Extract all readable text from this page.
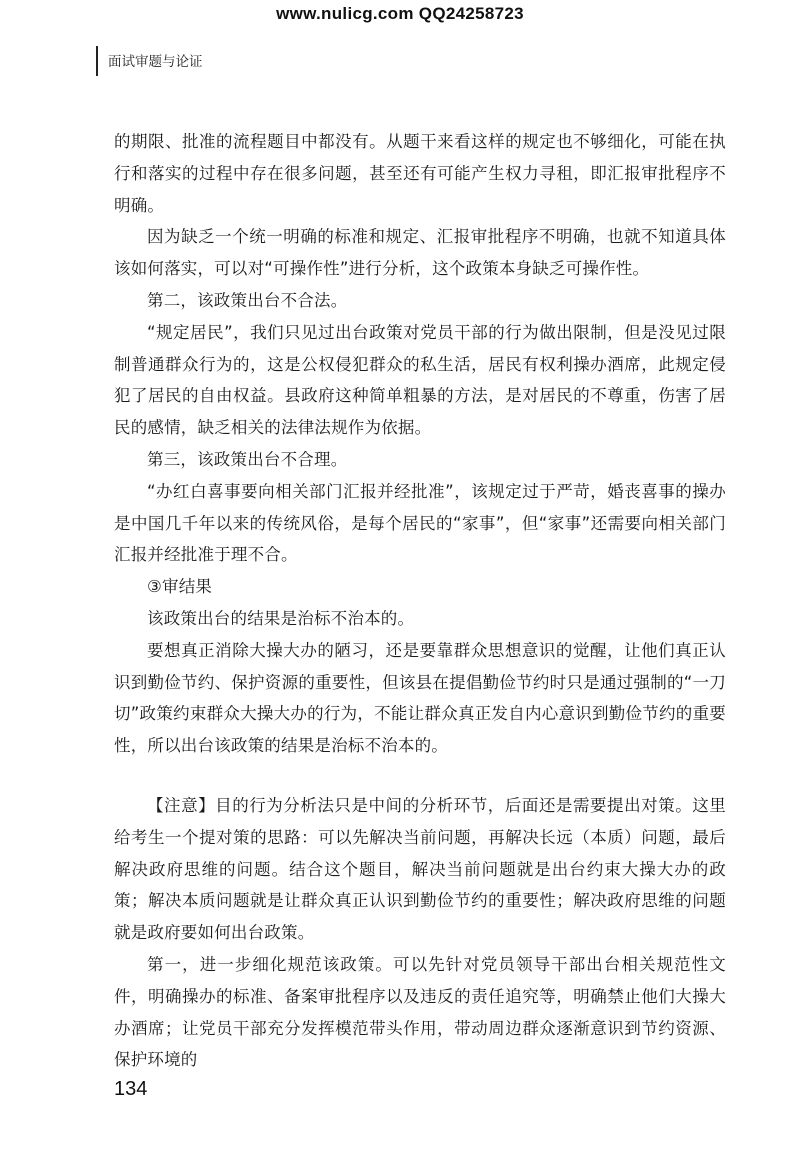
www.nulicg.com QQ24258723
面试审题与论证

的期限、批准的流程题目中都没有。从题干来看这样的规定也不够细化，可能在执行和落实的过程中存在很多问题，甚至还有可能产生权力寻租，即汇报审批程序不明确。

因为缺乏一个统一明确的标准和规定、汇报审批程序不明确，也就不知道具体该如何落实，可以对“可操作性”进行分析，这个政策本身缺乏可操作性。

第二，该政策出台不合法。

“规定居民”，我们只见过出台政策对党员干部的行为做出限制，但是没见过限制普通群众行为的，这是公权侵犯群众的私生活，居民有权利操办酒席，此规定侵犯了居民的自由权益。县政府这种简单粗暴的方法，是对居民的不尊重，伤害了居民的感情，缺乏相关的法律法规作为依据。

第三，该政策出台不合理。

“办红白喜事要向相关部门汇报并经批准”，该规定过于严苛，婚丧喜事的操办是中国几千年以来的传统风俗，是每个居民的“家事”，但“家事”还需要向相关部门汇报并经批准于理不合。

③审结果

该政策出台的结果是治标不治本的。

要想真正消除大操大办的陋习，还是要靠群众思想意识的觉醒，让他们真正认识到勤俭节约、保护资源的重要性，但该县在提倡勤俭节约时只是通过强制的“一刀切”政策约束群众大操大办的行为，不能让群众真正发自内心意识到勤俭节约的重要性，所以出台该政策的结果是治标不治本的。

【注意】目的行为分析法只是中间的分析环节，后面还是需要提出对策。这里给考生一个提对策的思路：可以先解决当前问题，再解决长远（本质）问题，最后解决政府思维的问题。结合这个题目，解决当前问题就是出台约束大操大办的政策；解决本质问题就是让群众真正认识到勤俭节约的重要性；解决政府思维的问题就是政府要如何出台政策。

第一，进一步细化规范该政策。可以先针对党员领导干部出台相关规范性文件，明确操办的标准、备案审批程序以及违反的责任追究等，明确禁止他们大操大办酒席；让党员干部充分发挥模范带头作用，带动周边群众逐渐意识到节约资源、保护环境的

134
